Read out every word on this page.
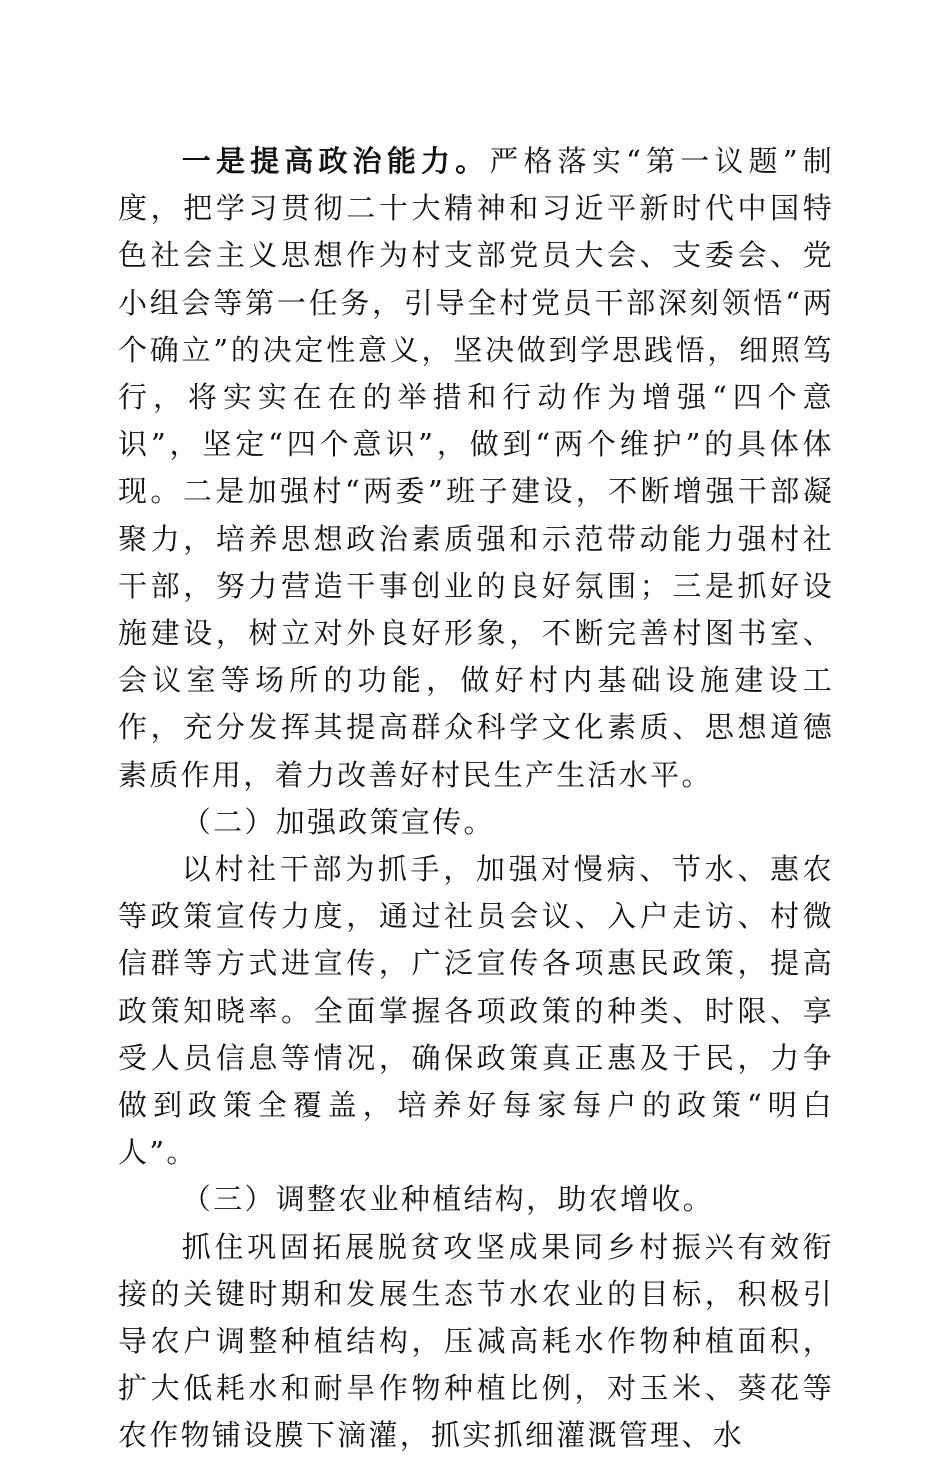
一是提高政治能力。严格落实“第一议题”制度，把学习贯彻二十大精神和习近平新时代中国特色社会主义思想作为村支部党员大会、支委会、党小组会等第一任务，引导全村党员干部深刻领悟“两个确立”的决定性意义，坚决做到学思践悟，细照笃行，将实实在在的举措和行动作为增强“四个意识”，坚定“四个意识”，做到“两个维护”的具体体现。二是加强村“两委”班子建设，不断增强干部凝聚力，培养思想政治素质强和示范带动能力强村社干部，努力营造干事创业的良好氛围；三是抓好设施建设，树立对外良好形象，不断完善村图书室、会议室等场所的功能，做好村内基础设施建设工作，充分发挥其提高群众科学文化素质、思想道德素质作用，着力改善好村民生产生活水平。

（二）加强政策宣传。

以村社干部为抓手，加强对慢病、节水、惠农等政策宣传力度，通过社员会议、入户走访、村微信群等方式进宣传，广泛宣传各项惠民政策，提高政策知晓率。全面掌握各项政策的种类、时限、享受人员信息等情况，确保政策真正惠及于民，力争做到政策全覆盖，培养好每家每户的政策“明白人”。

（三）调整农业种植结构，助农增收。

抓住巩固拓展脱贫攻坚成果同乡村振兴有效衔接的关键时期和发展生态节水农业的目标，积极引导农户调整种植结构，压减高耗水作物种植面积，扩大低耗水和耐旱作物种植比例，对玉米、葵花等农作物铺设膜下滴灌，抓实抓细灌溉管理、水
